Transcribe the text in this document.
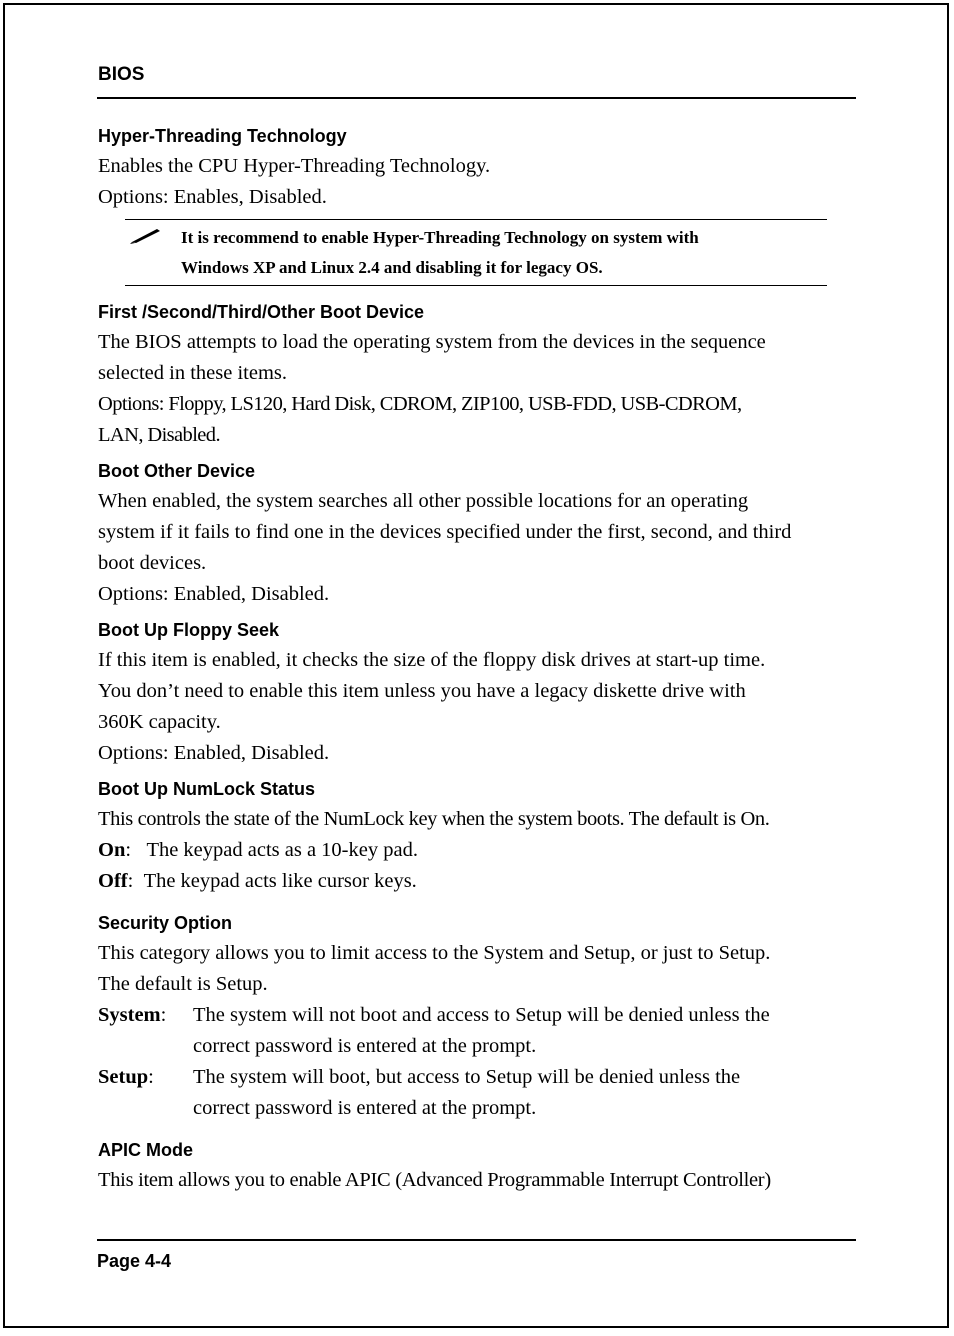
BIOS
Hyper-Threading Technology

Enables the CPU Hyper-Threading Technology.

Options: Enables, Disabled.

It is recommend to enable Hyper-Threading Technology on system with
Windows XP and Linux 2.4 and disabling it for legacy OS.
First /Second/Third/Other Boot Device

The BIOS attempts to load the operating system from the devices in the sequence

selected in these items.

Options: Floppy, LS120, Hard Disk, CDROM, ZIP100, USB-FDD, USB-CDROM,

LAN, Disabled.

Boot Other Device

When enabled, the system searches all other possible locations for an operating

system if it fails to find one in the devices specified under the first, second, and third

boot devices.

Options: Enabled, Disabled.

Boot Up Floppy Seek

If this item is enabled, it checks the size of the floppy disk drives at start-up time.

You don’t need to enable this item unless you have a legacy diskette drive with

360K capacity.

Options: Enabled, Disabled.

Boot Up NumLock Status

This controls the state of the NumLock key when the system boots. The default is On.

On : The keypad acts as a 10-key pad.
Off : The keypad acts like cursor keys.
Security Option

This category allows you to limit access to the System and Setup, or just to Setup.

The default is Setup.

System:	The system will not boot and access to Setup will be denied unless the
correct password is entered at the prompt.
Setup:	The system will boot, but access to Setup will be denied unless the
correct password is entered at the prompt.
APIC Mode

This item allows you to enable APIC (Advanced Programmable Interrupt Controller)

Page 4-4
